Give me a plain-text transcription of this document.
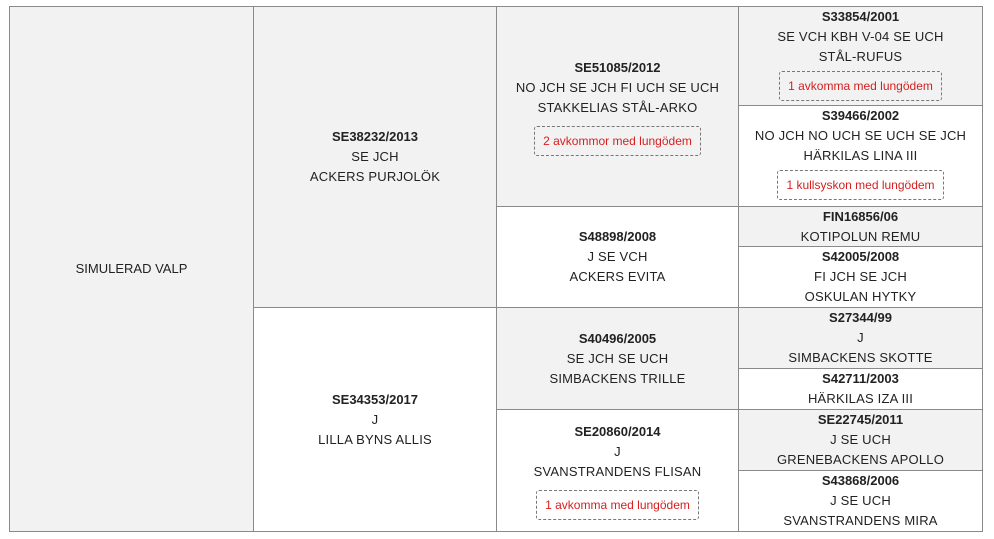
SIMULERAD VALP
SE38232/2013
SE JCH
ACKERS PURJOLÖK
SE34353/2017
J
LILLA BYNS ALLIS
SE51085/2012
NO JCH SE JCH FI UCH SE UCH
STAKKELIAS STÅL-ARKO
2 avkommor med lungödem
S48898/2008
J SE VCH
ACKERS EVITA
S40496/2005
SE JCH SE UCH
SIMBACKENS TRILLE
SE20860/2014
J
SVANSTRANDENS FLISAN
1 avkomma med lungödem
S33854/2001
SE VCH KBH V-04 SE UCH
STÅL-RUFUS
1 avkomma med lungödem
S39466/2002
NO JCH NO UCH SE UCH SE JCH
HÄRKILAS LINA III
1 kullsyskon med lungödem
FIN16856/06
KOTIPOLUN REMU
S42005/2008
FI JCH SE JCH
OSKULAN HYTKY
S27344/99
J
SIMBACKENS SKOTTE
S42711/2003
HÄRKILAS IZA III
SE22745/2011
J SE UCH
GRENEBACKENS APOLLO
S43868/2006
J SE UCH
SVANSTRANDENS MIRA
